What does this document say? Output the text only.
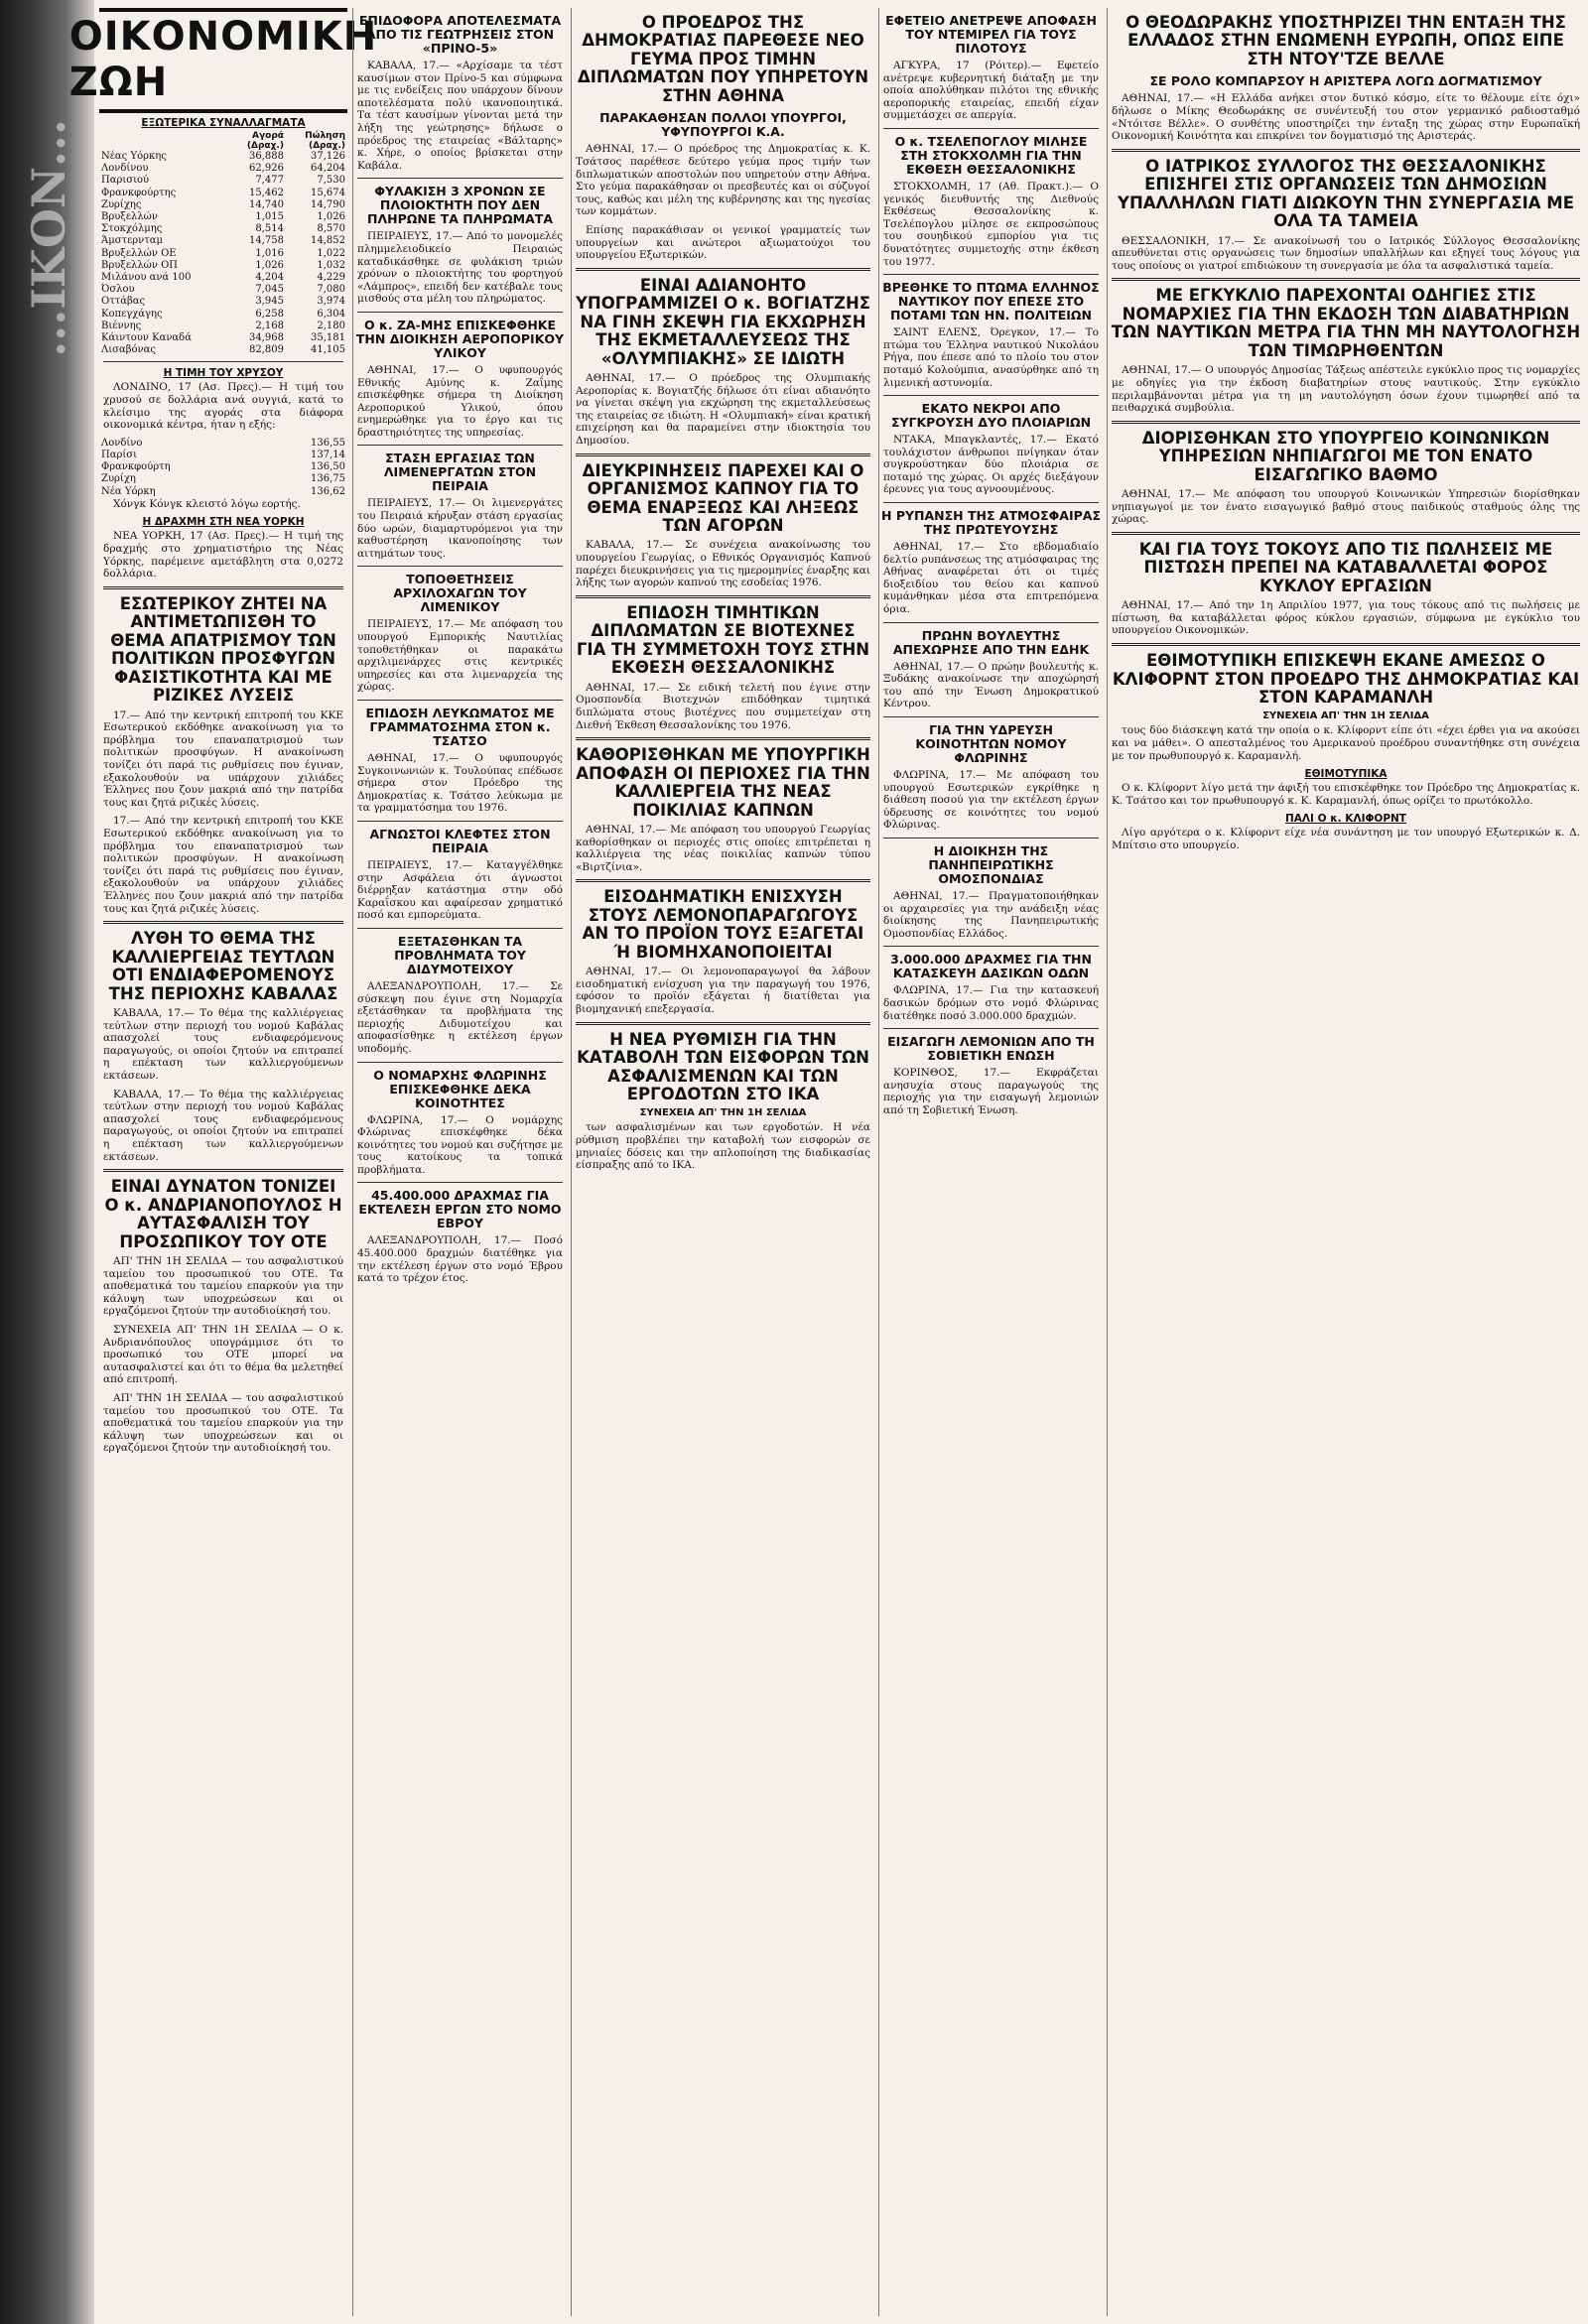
...ΙΚΟΝ...
ΟΙΚΟΝΟΜΙΚΗ ΖΩΗ
ΕΞΩΤΕΡΙΚΑ ΣΥΝΑΛΛΑΓΜΑΤΑ
	Αγορά	Πώληση
	(Δραχ.)	(Δραχ.)
Νέας Υόρκης	36,888	37,126
Λονδίνου	62,926	64,204
Παρισιού	7,477	7,530
Φρανκφούρτης	15,462	15,674
Ζυρίχης	14,740	14,790
Βρυξελλών	1,015	1,026
Στοκχόλμης	8,514	8,570
Άμστερνταμ	14,758	14,852
Βρυξελλών ΟΕ	1,016	1,022
Βρυξελλών ΟΠ	1,026	1,032
Μιλάνου ανά 100	4,204	4,229
Όσλου	7,045	7,080
Οττάβας	3,945	3,974
Κοπεγχάγης	6,258	6,304
Βιέννης	2,168	2,180
Κάιντουν Καναδά	34,968	35,181
Λισαβόνας	82,809	41,105
Η ΤΙΜΗ ΤΟΥ ΧΡΥΣΟΥ

ΛΟΝΔΙΝΟ, 17 (Ασ. Πρες).— Η τιμή του χρυσού σε δολλάρια ανά ουγγιά, κατά το κλείσιμο της αγοράς στα διάφορα οικονομικά κέντρα, ήταν η εξής:

Λονδίνο	136,55
Παρίσι	137,14
Φρανκφούρτη	136,50
Ζυρίχη	136,75
Νέα Υόρκη	136,62

Χόνγκ Κόνγκ κλειστό λόγω εορτής.

Η ΔΡΑΧΜΗ ΣΤΗ ΝΕΑ ΥΟΡΚΗ

ΝΕΑ ΥΟΡΚΗ, 17 (Ασ. Πρες).— Η τιμή της δραχμής στο χρηματιστήριο της Νέας Υόρκης, παρέμεινε αμετάβλητη στα 0,0272 δολλάρια.

ΕΣΩΤΕΡΙΚΟΥ ΖΗΤΕΙ ΝΑ ΑΝΤΙΜΕΤΩΠΙΣΘΗ ΤΟ ΘΕΜΑ ΑΠΑΤΡΙΣΜΟΥ ΤΩΝ ΠΟΛΙΤΙΚΩΝ ΠΡΟΣΦΥΓΩΝ ΦΑΣΙΣΤΙΚΟΤΗΤΑ ΚΑΙ ΜΕ ΡΙΖΙΚΕΣ ΛΥΣΕΙΣ

17.— Από την κεντρική επιτροπή του ΚΚΕ Εσωτερικού εκδόθηκε ανακοίνωση για το πρόβλημα του επαναπατρισμού των πολιτικών προσφύγων. Η ανακοίνωση τονίζει ότι παρά τις ρυθμίσεις που έγιναν, εξακολουθούν να υπάρχουν χιλιάδες Έλληνες που ζουν μακριά από την πατρίδα τους και ζητά ριζικές λύσεις.

17.— Από την κεντρική επιτροπή του ΚΚΕ Εσωτερικού εκδόθηκε ανακοίνωση για το πρόβλημα του επαναπατρισμού των πολιτικών προσφύγων. Η ανακοίνωση τονίζει ότι παρά τις ρυθμίσεις που έγιναν, εξακολουθούν να υπάρχουν χιλιάδες Έλληνες που ζουν μακριά από την πατρίδα τους και ζητά ριζικές λύσεις.

ΛΥΘΗ ΤΟ ΘΕΜΑ ΤΗΣ ΚΑΛΛΙΕΡΓΕΙΑΣ ΤΕΥΤΛΩΝ ΟΤΙ ΕΝΔΙΑΦΕΡΟΜΕΝΟΥΣ ΤΗΣ ΠΕΡΙΟΧΗΣ ΚΑΒΑΛΑΣ

ΚΑΒΑΛΑ, 17.— Το θέμα της καλλιέργειας τεύτλων στην περιοχή του νομού Καβάλας απασχολεί τους ενδιαφερόμενους παραγωγούς, οι οποίοι ζητούν να επιτραπεί η επέκταση των καλλιεργούμενων εκτάσεων.

ΚΑΒΑΛΑ, 17.— Το θέμα της καλλιέργειας τεύτλων στην περιοχή του νομού Καβάλας απασχολεί τους ενδιαφερόμενους παραγωγούς, οι οποίοι ζητούν να επιτραπεί η επέκταση των καλλιεργούμενων εκτάσεων.

ΕΙΝΑΙ ΔΥΝΑΤΟΝ ΤΟΝΙΖΕΙ Ο κ. ΑΝΔΡΙΑΝΟΠΟΥΛΟΣ Η ΑΥΤΑΣΦΑΛΙΣΗ ΤΟΥ ΠΡΟΣΩΠΙΚΟΥ ΤΟΥ ΟΤΕ

ΑΠ' ΤΗΝ 1Η ΣΕΛΙΔΑ — του ασφαλιστικού ταμείου του προσωπικού του ΟΤΕ. Τα αποθεματικά του ταμείου επαρκούν για την κάλυψη των υποχρεώσεων και οι εργαζόμενοι ζητούν την αυτοδιοίκησή του.

ΣΥΝΕΧΕΙΑ ΑΠ' ΤΗΝ 1Η ΣΕΛΙΔΑ — Ο κ. Ανδριανόπουλος υπογράμμισε ότι το προσωπικό του ΟΤΕ μπορεί να αυτασφαλιστεί και ότι το θέμα θα μελετηθεί από επιτροπή.

ΑΠ' ΤΗΝ 1Η ΣΕΛΙΔΑ — του ασφαλιστικού ταμείου του προσωπικού του ΟΤΕ. Τα αποθεματικά του ταμείου επαρκούν για την κάλυψη των υποχρεώσεων και οι εργαζόμενοι ζητούν την αυτοδιοίκησή του.

ΕΠΙΔΟΦΟΡΑ ΑΠΟΤΕΛΕΣΜΑΤΑ ΑΠΟ ΤΙΣ ΓΕΩΤΡΗΣΕΙΣ ΣΤΟΝ «ΠΡΙΝΟ-5»

ΚΑΒΑΛΑ, 17.— «Αρχίσαμε τα τέστ καυσίμων στον Πρίνο-5 και σύμφωνα με τις ενδείξεις που υπάρχουν δίνουν αποτελέσματα πολύ ικανοποιητικά. Τα τέστ καυσίμων γίνονται μετά την λήξη της γεώτρησης» δήλωσε ο πρόεδρος της εταιρείας «Βάλταρης» κ. Χήρε, ο οποίος βρίσκεται στην Καβάλα.

ΦΥΛΑΚΙΣΗ 3 ΧΡΟΝΩΝ ΣΕ ΠΛΟΙΟΚΤΗΤΗ ΠΟΥ ΔΕΝ ΠΛΗΡΩΝΕ ΤΑ ΠΛΗΡΩΜΑΤΑ

ΠΕΙΡΑΙΕΥΣ, 17.— Από το μονομελές πλημμελειοδικείο Πειραιώς καταδικάσθηκε σε φυλάκιση τριών χρόνων ο πλοιοκτήτης του φορτηγού «Λάμπρος», επειδή δεν κατέβαλε τους μισθούς στα μέλη του πληρώματος.

Ο κ. ΖΑ-ΜΗΣ ΕΠΙΣΚΕΦΘΗΚΕ ΤΗΝ ΔΙΟΙΚΗΣΗ ΑΕΡΟΠΟΡΙΚΟΥ ΥΛΙΚΟΥ

ΑΘΗΝΑΙ, 17.— Ο υφυπουργός Εθνικής Αμύνης κ. Ζαΐμης επισκέφθηκε σήμερα τη Διοίκηση Αεροπορικού Υλικού, όπου ενημερώθηκε για το έργο και τις δραστηριότητες της υπηρεσίας.

ΣΤΑΣΗ ΕΡΓΑΣΙΑΣ ΤΩΝ ΛΙΜΕΝΕΡΓΑΤΩΝ ΣΤΟΝ ΠΕΙΡΑΙΑ

ΠΕΙΡΑΙΕΥΣ, 17.— Οι λιμενεργάτες του Πειραιά κήρυξαν στάση εργασίας δύο ωρών, διαμαρτυρόμενοι για την καθυστέρηση ικανοποίησης των αιτημάτων τους.

ΤΟΠΟΘΕΤΗΣΕΙΣ ΑΡΧΙΛΟΧΑΓΩΝ ΤΟΥ ΛΙΜΕΝΙΚΟΥ

ΠΕΙΡΑΙΕΥΣ, 17.— Με απόφαση του υπουργού Εμπορικής Ναυτιλίας τοποθετήθηκαν οι παρακάτω αρχιλιμενάρχες στις κεντρικές υπηρεσίες και στα λιμεναρχεία της χώρας.

ΕΠΙΔΟΣΗ ΛΕΥΚΩΜΑΤΟΣ ΜΕ ΓΡΑΜΜΑΤΟΣΗΜΑ ΣΤΟΝ κ. ΤΣΑΤΣΟ

ΑΘΗΝΑΙ, 17.— Ο υφυπουργός Συγκοινωνιών κ. Τουλούπας επέδωσε σήμερα στον Πρόεδρο της Δημοκρατίας κ. Τσάτσο λεύκωμα με τα γραμματόσημα του 1976.

ΑΓΝΩΣΤΟΙ ΚΛΕΦΤΕΣ ΣΤΟΝ ΠΕΙΡΑΙΑ

ΠΕΙΡΑΙΕΥΣ, 17.— Καταγγέλθηκε στην Ασφάλεια ότι άγνωστοι διέρρηξαν κατάστημα στην οδό Καραΐσκου και αφαίρεσαν χρηματικό ποσό και εμπορεύματα.

ΕΞΕΤΑΣΘΗΚΑΝ ΤΑ ΠΡΟΒΛΗΜΑΤΑ ΤΟΥ ΔΙΔΥΜΟΤΕΙΧΟΥ

ΑΛΕΞΑΝΔΡΟΥΠΟΛΗ, 17.— Σε σύσκεψη που έγινε στη Νομαρχία εξετάσθηκαν τα προβλήματα της περιοχής Διδυμοτείχου και αποφασίσθηκε η εκτέλεση έργων υποδομής.

Ο ΝΟΜΑΡΧΗΣ ΦΛΩΡΙΝΗΣ ΕΠΙΣΚΕΦΘΗΚΕ ΔΕΚΑ ΚΟΙΝΟΤΗΤΕΣ

ΦΛΩΡΙΝΑ, 17.— Ο νομάρχης Φλώρινας επισκέφθηκε δέκα κοινότητες του νομού και συζήτησε με τους κατοίκους τα τοπικά προβλήματα.

45.400.000 ΔΡΑΧΜΑΣ ΓΙΑ ΕΚΤΕΛΕΣΗ ΕΡΓΩΝ ΣΤΟ ΝΟΜΟ ΕΒΡΟΥ

ΑΛΕΞΑΝΔΡΟΥΠΟΛΗ, 17.— Ποσό 45.400.000 δραχμών διατέθηκε για την εκτέλεση έργων στο νομό Έβρου κατά το τρέχον έτος.

Ο ΠΡΟΕΔΡΟΣ ΤΗΣ ΔΗΜΟΚΡΑΤΙΑΣ ΠΑΡΕΘΕΣΕ ΝΕΟ ΓΕΥΜΑ ΠΡΟΣ ΤΙΜΗΝ ΔΙΠΛΩΜΑΤΩΝ ΠΟΥ ΥΠΗΡΕΤΟΥΝ ΣΤΗΝ ΑΘΗΝΑ
ΠΑΡΑΚΑΘΗΣΑΝ ΠΟΛΛΟΙ ΥΠΟΥΡΓΟΙ, ΥΦΥΠΟΥΡΓΟΙ Κ.Α.

ΑΘΗΝΑΙ, 17.— Ο πρόεδρος της Δημοκρατίας κ. Κ. Τσάτσος παρέθεσε δεύτερο γεύμα προς τιμήν των διπλωματικών αποστολών που υπηρετούν στην Αθήνα. Στο γεύμα παρακάθησαν οι πρεσβευτές και οι σύζυγοί τους, καθώς και μέλη της κυβέρνησης και της ηγεσίας των κομμάτων.

Επίσης παρακάθισαν οι γενικοί γραμματείς των υπουργείων και ανώτεροι αξιωματούχοι του υπουργείου Εξωτερικών.

ΕΙΝΑΙ ΑΔΙΑΝΟΗΤΟ ΥΠΟΓΡΑΜΜΙΖΕΙ Ο κ. ΒΟΓΙΑΤΖΗΣ ΝΑ ΓΙΝΗ ΣΚΕΨΗ ΓΙΑ ΕΚΧΩΡΗΣΗ ΤΗΣ ΕΚΜΕΤΑΛΛΕΥΣΕΩΣ ΤΗΣ «ΟΛΥΜΠΙΑΚΗΣ» ΣΕ ΙΔΙΩΤΗ

ΑΘΗΝΑΙ, 17.— Ο πρόεδρος της Ολυμπιακής Αεροπορίας κ. Βογιατζής δήλωσε ότι είναι αδιανόητο να γίνεται σκέψη για εκχώρηση της εκμεταλλεύσεως της εταιρείας σε ιδιώτη. Η «Ολυμπιακή» είναι κρατική επιχείρηση και θα παραμείνει στην ιδιοκτησία του Δημοσίου.

ΔΙΕΥΚΡΙΝΗΣΕΙΣ ΠΑΡΕΧΕΙ ΚΑΙ Ο ΟΡΓΑΝΙΣΜΟΣ ΚΑΠΝΟΥ ΓΙΑ ΤΟ ΘΕΜΑ ΕΝΑΡΞΕΩΣ ΚΑΙ ΛΗΞΕΩΣ ΤΩΝ ΑΓΟΡΩΝ

ΚΑΒΑΛΑ, 17.— Σε συνέχεια ανακοίνωσης του υπουργείου Γεωργίας, ο Εθνικός Οργανισμός Καπνού παρέχει διευκρινήσεις για τις ημερομηνίες έναρξης και λήξης των αγορών καπνού της εσοδείας 1976.

ΕΠΙΔΟΣΗ ΤΙΜΗΤΙΚΩΝ ΔΙΠΛΩΜΑΤΩΝ ΣΕ ΒΙΟΤΕΧΝΕΣ ΓΙΑ ΤΗ ΣΥΜΜΕΤΟΧΗ ΤΟΥΣ ΣΤΗΝ ΕΚΘΕΣΗ ΘΕΣΣΑΛΟΝΙΚΗΣ

ΑΘΗΝΑΙ, 17.— Σε ειδική τελετή που έγινε στην Ομοσπονδία Βιοτεχνών επιδόθηκαν τιμητικά διπλώματα στους βιοτέχνες που συμμετείχαν στη Διεθνή Έκθεση Θεσσαλονίκης του 1976.

ΚΑΘΟΡΙΣΘΗΚΑΝ ΜΕ ΥΠΟΥΡΓΙΚΗ ΑΠΟΦΑΣΗ ΟΙ ΠΕΡΙΟΧΕΣ ΓΙΑ ΤΗΝ ΚΑΛΛΙΕΡΓΕΙΑ ΤΗΣ ΝΕΑΣ ΠΟΙΚΙΛΙΑΣ ΚΑΠΝΩΝ

ΑΘΗΝΑΙ, 17.— Με απόφαση του υπουργού Γεωργίας καθορίσθηκαν οι περιοχές στις οποίες επιτρέπεται η καλλιέργεια της νέας ποικιλίας καπνών τύπου «Βιρτζίνια».

ΕΙΣΟΔΗΜΑΤΙΚΗ ΕΝΙΣΧΥΣΗ ΣΤΟΥΣ ΛΕΜΟΝΟΠΑΡΑΓΩΓΟΥΣ ΑΝ ΤΟ ΠΡΟΪΟΝ ΤΟΥΣ ΕΞΑΓΕΤΑΙ Ή ΒΙΟΜΗΧΑΝΟΠΟΙΕΙΤΑΙ

ΑΘΗΝΑΙ, 17.— Οι λεμονοπαραγωγοί θα λάβουν εισοδηματική ενίσχυση για την παραγωγή του 1976, εφόσον το προϊόν εξάγεται ή διατίθεται για βιομηχανική επεξεργασία.

Η ΝΕΑ ΡΥΘΜΙΣΗ ΓΙΑ ΤΗΝ ΚΑΤΑΒΟΛΗ ΤΩΝ ΕΙΣΦΟΡΩΝ ΤΩΝ ΑΣΦΑΛΙΣΜΕΝΩΝ ΚΑΙ ΤΩΝ ΕΡΓΟΔΟΤΩΝ ΣΤΟ ΙΚΑ
ΣΥΝΕΧΕΙΑ ΑΠ' ΤΗΝ 1Η ΣΕΛΙΔΑ

των ασφαλισμένων και των εργοδοτών. Η νέα ρύθμιση προβλέπει την καταβολή των εισφορών σε μηνιαίες δόσεις και την απλοποίηση της διαδικασίας είσπραξης από το ΙΚΑ.

ΕΦΕΤΕΙΟ ΑΝΕΤΡΕΨΕ ΑΠΟΦΑΣΗ ΤΟΥ ΝΤΕΜΙΡΕΛ ΓΙΑ ΤΟΥΣ ΠΙΛΟΤΟΥΣ

ΑΓΚΥΡΑ, 17 (Ρόιτερ).— Εφετείο ανέτρεψε κυβερνητική διάταξη με την οποία απολύθηκαν πιλότοι της εθνικής αεροπορικής εταιρείας, επειδή είχαν συμμετάσχει σε απεργία.

Ο κ. ΤΣΕΛΕΠΟΓΛΟΥ ΜΙΛΗΣΕ ΣΤΗ ΣΤΟΚΧΟΛΜΗ ΓΙΑ ΤΗΝ ΕΚΘΕΣΗ ΘΕΣΣΑΛΟΝΙΚΗΣ

ΣΤΟΚΧΟΛΜΗ, 17 (Αθ. Πρακτ.).— Ο γενικός διευθυντής της Διεθνούς Εκθέσεως Θεσσαλονίκης κ. Τσελέπογλου μίλησε σε εκπροσώπους του σουηδικού εμπορίου για τις δυνατότητες συμμετοχής στην έκθεση του 1977.

ΒΡΕΘΗΚΕ ΤΟ ΠΤΩΜΑ ΕΛΛΗΝΟΣ ΝΑΥΤΙΚΟΥ ΠΟΥ ΕΠΕΣΕ ΣΤΟ ΠΟΤΑΜΙ ΤΩΝ ΗΝ. ΠΟΛΙΤΕΙΩΝ

ΣΑΙΝΤ ΕΛΕΝΣ, Όρεγκον, 17.— Το πτώμα του Έλληνα ναυτικού Νικολάου Ρήγα, που έπεσε από το πλοίο του στον ποταμό Κολούμπια, ανασύρθηκε από τη λιμενική αστυνομία.

ΕΚΑΤΟ ΝΕΚΡΟΙ ΑΠΟ ΣΥΓΚΡΟΥΣΗ ΔΥΟ ΠΛΟΙΑΡΙΩΝ

ΝΤΑΚΑ, Μπαγκλαντές, 17.— Εκατό τουλάχιστον άνθρωποι πνίγηκαν όταν συγκρούστηκαν δύο πλοιάρια σε ποταμό της χώρας. Οι αρχές διεξάγουν έρευνες για τους αγνοουμένους.

Η ΡΥΠΑΝΣΗ ΤΗΣ ΑΤΜΟΣΦΑΙΡΑΣ ΤΗΣ ΠΡΩΤΕΥΟΥΣΗΣ

ΑΘΗΝΑΙ, 17.— Στο εβδομαδιαίο δελτίο ρυπάνσεως της ατμόσφαιρας της Αθήνας αναφέρεται ότι οι τιμές διοξειδίου του θείου και καπνού κυμάνθηκαν μέσα στα επιτρεπόμενα όρια.

ΠΡΩΗΝ ΒΟΥΛΕΥΤΗΣ ΑΠΕΧΩΡΗΣΕ ΑΠΟ ΤΗΝ ΕΔΗΚ

ΑΘΗΝΑΙ, 17.— Ο πρώην βουλευτής κ. Ξυδάκης ανακοίνωσε την αποχώρησή του από την Ένωση Δημοκρατικού Κέντρου.

ΓΙΑ ΤΗΝ ΥΔΡΕΥΣΗ ΚΟΙΝΟΤΗΤΩΝ ΝΟΜΟΥ ΦΛΩΡΙΝΗΣ

ΦΛΩΡΙΝΑ, 17.— Με απόφαση του υπουργού Εσωτερικών εγκρίθηκε η διάθεση ποσού για την εκτέλεση έργων ύδρευσης σε κοινότητες του νομού Φλώρινας.

Η ΔΙΟΙΚΗΣΗ ΤΗΣ ΠΑΝΗΠΕΙΡΩΤΙΚΗΣ ΟΜΟΣΠΟΝΔΙΑΣ

ΑΘΗΝΑΙ, 17.— Πραγματοποιήθηκαν οι αρχαιρεσίες για την ανάδειξη νέας διοίκησης της Πανηπειρωτικής Ομοσπονδίας Ελλάδος.

3.000.000 ΔΡΑΧΜΕΣ ΓΙΑ ΤΗΝ ΚΑΤΑΣΚΕΥΗ ΔΑΣΙΚΩΝ ΟΔΩΝ

ΦΛΩΡΙΝΑ, 17.— Για την κατασκευή δασικών δρόμων στο νομό Φλώρινας διατέθηκε ποσό 3.000.000 δραχμών.

ΕΙΣΑΓΩΓΗ ΛΕΜΟΝΙΩΝ ΑΠΟ ΤΗ ΣΟΒΙΕΤΙΚΗ ΕΝΩΣΗ

ΚΟΡΙΝΘΟΣ, 17.— Εκφράζεται ανησυχία στους παραγωγούς της περιοχής για την εισαγωγή λεμονιών από τη Σοβιετική Ένωση.

Ο ΘΕΟΔΩΡΑΚΗΣ ΥΠΟΣΤΗΡΙΖΕΙ ΤΗΝ ΕΝΤΑΞΗ ΤΗΣ ΕΛΛΑΔΟΣ ΣΤΗΝ ΕΝΩΜΕΝΗ ΕΥΡΩΠΗ, ΟΠΩΣ ΕΙΠΕ ΣΤΗ ΝΤΟΥ'ΤΖΕ ΒΕΛΛΕ
ΣΕ ΡΟΛΟ ΚΟΜΠΑΡΣΟΥ Η ΑΡΙΣΤΕΡΑ ΛΟΓΩ ΔΟΓΜΑΤΙΣΜΟΥ

ΑΘΗΝΑΙ, 17.— «Η Ελλάδα ανήκει στον δυτικό κόσμο, είτε το θέλουμε είτε όχι» δήλωσε ο Μίκης Θεοδωράκης σε συνέντευξή του στον γερμανικό ραδιοσταθμό «Ντόιτσε Βέλλε». Ο συνθέτης υποστηρίζει την ένταξη της χώρας στην Ευρωπαϊκή Οικονομική Κοινότητα και επικρίνει τον δογματισμό της Αριστεράς.

Ο ΙΑΤΡΙΚΟΣ ΣΥΛΛΟΓΟΣ ΤΗΣ ΘΕΣΣΑΛΟΝΙΚΗΣ ΕΠΙΣΗΓΕΙ ΣΤΙΣ ΟΡΓΑΝΩΣΕΙΣ ΤΩΝ ΔΗΜΟΣΙΩΝ ΥΠΑΛΛΗΛΩΝ ΓΙΑΤΙ ΔΙΩΚΟΥΝ ΤΗΝ ΣΥΝΕΡΓΑΣΙΑ ΜΕ ΟΛΑ ΤΑ ΤΑΜΕΙΑ

ΘΕΣΣΑΛΟΝΙΚΗ, 17.— Σε ανακοίνωσή του ο Ιατρικός Σύλλογος Θεσσαλονίκης απευθύνεται στις οργανώσεις των δημοσίων υπαλλήλων και εξηγεί τους λόγους για τους οποίους οι γιατροί επιδιώκουν τη συνεργασία με όλα τα ασφαλιστικά ταμεία.

ΜΕ ΕΓΚΥΚΛΙΟ ΠΑΡΕΧΟΝΤΑΙ ΟΔΗΓΙΕΣ ΣΤΙΣ ΝΟΜΑΡΧΙΕΣ ΓΙΑ ΤΗΝ ΕΚΔΟΣΗ ΤΩΝ ΔΙΑΒΑΤΗΡΙΩΝ ΤΩΝ ΝΑΥΤΙΚΩΝ ΜΕΤΡΑ ΓΙΑ ΤΗΝ ΜΗ ΝΑΥΤΟΛΟΓΗΣΗ ΤΩΝ ΤΙΜΩΡΗΘΕΝΤΩΝ

ΑΘΗΝΑΙ, 17.— Ο υπουργός Δημοσίας Τάξεως απέστειλε εγκύκλιο προς τις νομαρχίες με οδηγίες για την έκδοση διαβατηρίων στους ναυτικούς. Στην εγκύκλιο περιλαμβάνονται μέτρα για τη μη ναυτολόγηση όσων έχουν τιμωρηθεί από τα πειθαρχικά συμβούλια.

ΔΙΟΡΙΣΘΗΚΑΝ ΣΤΟ ΥΠΟΥΡΓΕΙΟ ΚΟΙΝΩΝΙΚΩΝ ΥΠΗΡΕΣΙΩΝ ΝΗΠΙΑΓΩΓΟΙ ΜΕ ΤΟΝ ΕΝΑΤΟ ΕΙΣΑΓΩΓΙΚΟ ΒΑΘΜΟ

ΑΘΗΝΑΙ, 17.— Με απόφαση του υπουργού Κοινωνικών Υπηρεσιών διορίσθηκαν νηπιαγωγοί με τον ένατο εισαγωγικό βαθμό στους παιδικούς σταθμούς όλης της χώρας.

ΚΑΙ ΓΙΑ ΤΟΥΣ ΤΟΚΟΥΣ ΑΠΟ ΤΙΣ ΠΩΛΗΣΕΙΣ ΜΕ ΠΙΣΤΩΣΗ ΠΡΕΠΕΙ ΝΑ ΚΑΤΑΒΑΛΛΕΤΑΙ ΦΟΡΟΣ ΚΥΚΛΟΥ ΕΡΓΑΣΙΩΝ

ΑΘΗΝΑΙ, 17.— Από την 1η Απριλίου 1977, για τους τόκους από τις πωλήσεις με πίστωση, θα καταβάλλεται φόρος κύκλου εργασιών, σύμφωνα με εγκύκλιο του υπουργείου Οικονομικών.

ΕΘΙΜΟΤΥΠΙΚΗ ΕΠΙΣΚΕΨΗ ΕΚΑΝΕ ΑΜΕΣΩΣ Ο ΚΛΙΦΟΡΝΤ ΣΤΟΝ ΠΡΟΕΔΡΟ ΤΗΣ ΔΗΜΟΚΡΑΤΙΑΣ ΚΑΙ ΣΤΟΝ ΚΑΡΑΜΑΝΛΗ
ΣΥΝΕΧΕΙΑ ΑΠ' ΤΗΝ 1Η ΣΕΛΙΔΑ

τους δύο διάσκεψη κατά την οποία ο κ. Κλίφορντ είπε ότι «έχει έρθει για να ακούσει και να μάθει». Ο απεσταλμένος του Αμερικανού προέδρου συναντήθηκε στη συνέχεια με τον πρωθυπουργό κ. Καραμανλή.

ΕΘΙΜΟΤΥΠΙΚΑ

Ο κ. Κλίφορντ λίγο μετά την άφιξή του επισκέφθηκε τον Πρόεδρο της Δημοκρατίας κ. Κ. Τσάτσο και τον πρωθυπουργό κ. Κ. Καραμανλή, όπως ορίζει το πρωτόκολλο.

ΠΑΛΙ Ο κ. ΚΛΙΦΟΡΝΤ

Λίγο αργότερα ο κ. Κλίφορντ είχε νέα συνάντηση με τον υπουργό Εξωτερικών κ. Δ. Μπίτσιο στο υπουργείο.
